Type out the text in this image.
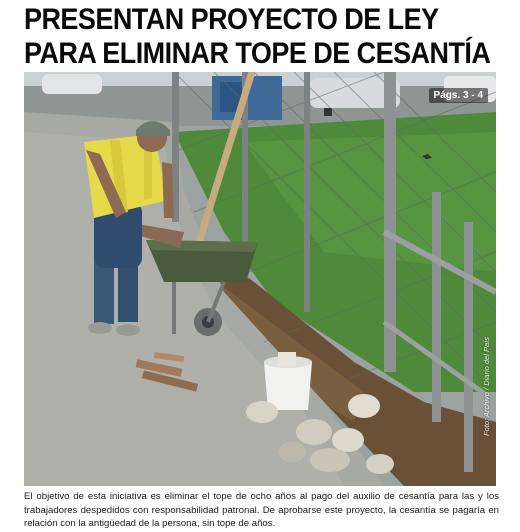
PRESENTAN PROYECTO DE LEY
PARA ELIMINAR TOPE DE CESANTÍA
Págs. 3 - 4
Foto: Archivo / Diario del País

El objetivo de esta iniciativa es eliminar el tope de ocho años al pago del auxilio de cesantía para las y los trabajadores despedidos con responsabilidad patronal. De aprobarse este proyecto, la cesantía se pagaría en relación con la antigüedad de la persona, sin tope de años.
